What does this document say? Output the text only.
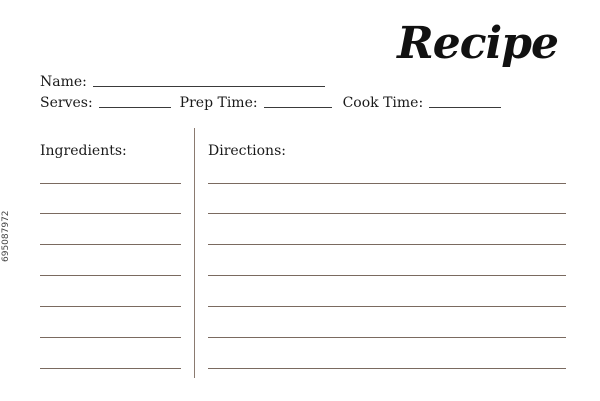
Recipe
Name:
Serves:	Prep Time:	Cook Time:
Ingredients:	Directions:
695087972
